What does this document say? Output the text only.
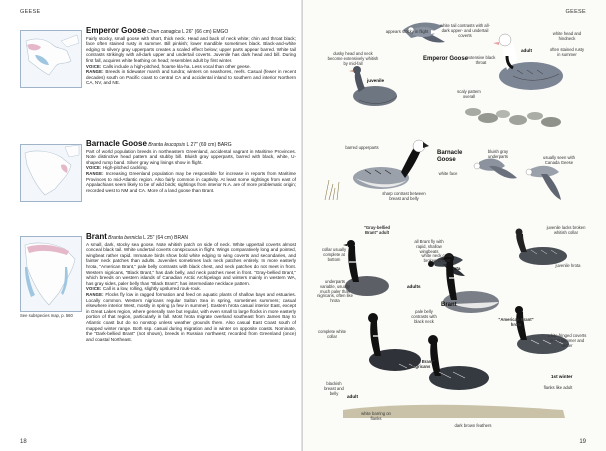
GEESE

Emperor Goose Chen canagica L 26" (66 cm) EMGO

Fairly stocky, small goose with short, thick neck. Head and back of neck white; chin and throat black; face often stained rusty in summer. Bill pinkish; lower mandible sometimes black. Black-and-white edging to silvery gray upperparts creates a scaled effect below; upper parts appear barred. White tail contrasts strikingly with all-dark upper and undertail coverts. Juvenile has dark head and bill. During first fall, acquires white feathing on head; resembles adult by first winter.

VOICE: Calls include a high-pitched, hoarse kla-ha. Less vocal than other geese.

RANGE: Breeds in tidewater marsh and tundra; winters on seashores, reefs. Casual (fewer in recent decades) south on Pacific coast to central CA and accidental inland to southern and interior Northern CA, NV, and NE.

Barnacle Goose Branta leucopsis L 27" (69 cm) BARG

Part of world population breeds in northeastern Greenland, accidental vagrant in Maritime Provinces. Note distinctive head pattern and stubby bill. Bluish gray upperparts, barred with black, white, U-shaped rump band. Silver gray wing linings show in flight.

VOICE: High-pitched cackling.

RANGE: Increasing Greenland population may be responsible for increase in reports from Maritime Provinces to mid-Atlantic region. Also fairly common in captivity. At least some sightings from east of Appalachians seem likely to be of wild birds; sightings from interior N.A. are of more problematic origin; recorded west to NM and CA. More of a land goose than Brant.

See subspecies map, p. 560

Brant Branta bernicla L 25" (64 cm) BRAN

A small, dark, stocky sea goose. Note whitish patch on side of neck. White uppertail coverts almost conceal black tail. White undertail coverts conspicuous in flight. Wings comparatively long and pointed, wingbeat rather rapid. Immature birds show bold white edging to wing coverts and secondaries, and fainter neck patches than adults. Juveniles sometimes lack neck patches entirely. In more easterly hrota, "American Brant," pale belly contrasts with black chest, and neck patches do not meet in front. Western nigricans, "Black Brant," has dark belly, and neck patches meet in front. "Gray-bellied Brant," which breeds on western islands of Canadian Arctic Archipelago and winters mainly in western WA, has gray sides, paler belly than "Black Brant"; has intermediate necklace pattern.

VOICE: Call is a low, rolling, slightly upslurred rouk-rouk.

RANGE: Flocks fly low in ragged formation and feed on aquatic plants of shallow bays and estuaries. Locally common. Western nigricans regular Salton Sea in spring, sometimes summers; casual elsewhere interior West, mostly in spring (a few in summer). Eastern hrota casual interior East, except in Great Lakes region, where generally rare but regular, with even small to large flocks in more easterly portion of that region, particularly in fall. Most hrota migrate overland southeast from James Bay to Atlantic coast but do so nonstop unless weather grounds them. Also casual East Coast south of mapped winter range. Both ssp. casual during migration and in winter on opposite coasts. Nominate, the "Dark-bellied Brant" (not shown), breeds in Russian northwest; recorded from Greenland (once) and coastal Northeast.

18
GEESE
Emperor Goose
Barnacle Goose
Brant
appears stocky in flight
white tail contrasts with all-dark upper- and undertail coverts
dusky head and neck become extensively whitish by mid-fall
white head and hindneck
adult	often stained rusty in summer
extensive black throat
juvenile
scaly pattern overall
barred upperparts
bluish gray underparts	usually seen with Canada Geese
white face
sharp contrast between breast and belly
"Gray-bellied Brant" adult
collar usually complete at bottom
all Brant fly with rapid, shallow wingbeats
hrota
juvenile lacks broken whitish collar
juvenile hrota
white neck collar broken in front
underparts variable, usually much paler than nigricans, often like hrota
adults
pale belly contrasts with black neck
complete white collar
"American Brant" hrota
white-fringed coverts in 1st summer and winter
"Black Brant" nigricans
1st winter
flanks like adult
blackish breast and belly
adult
white barring on flanks
dark brown feathers
19
